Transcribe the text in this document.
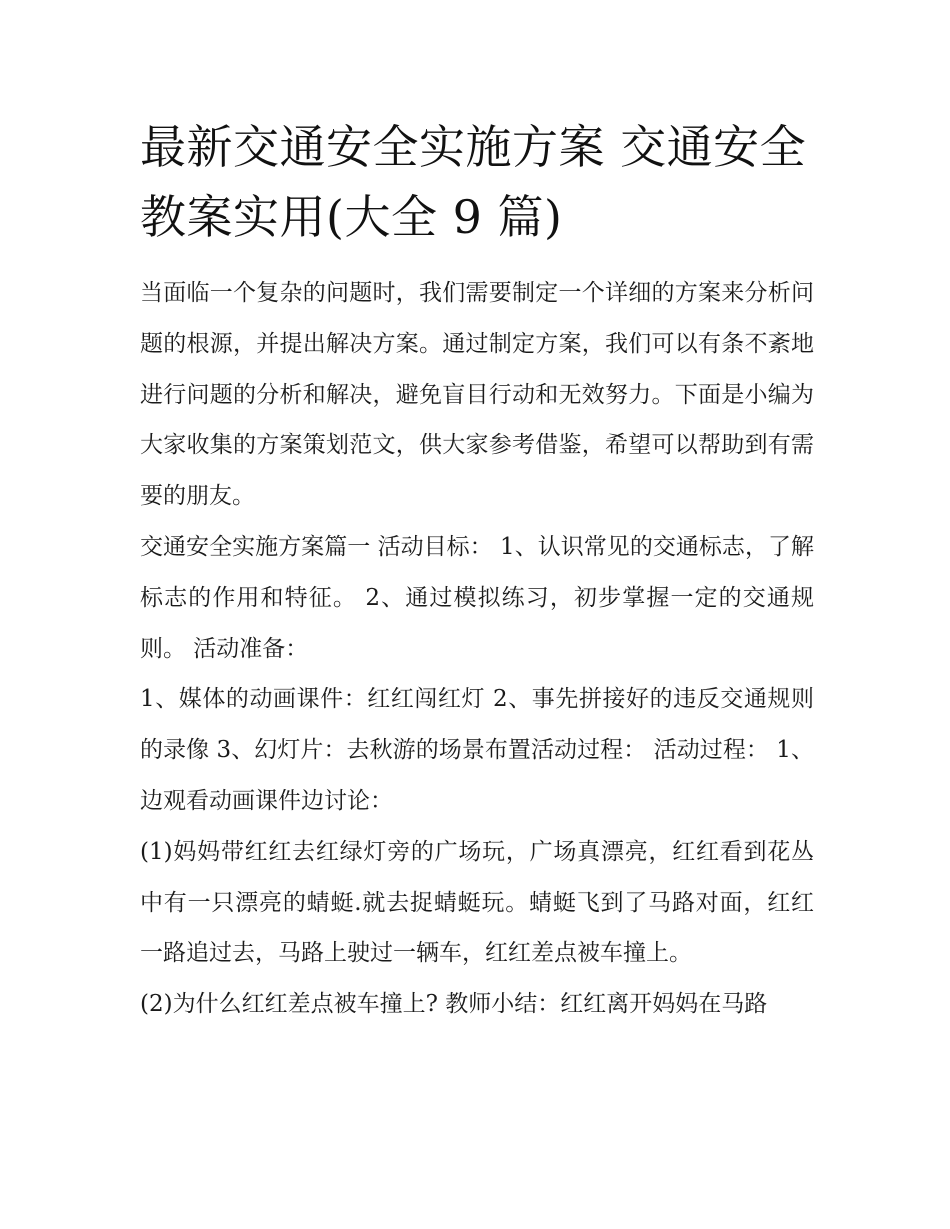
最新交通安全实施方案 交通安全教案实用(大全 9 篇)

当面临一个复杂的问题时，我们需要制定一个详细的方案来分析问题的根源，并提出解决方案。通过制定方案，我们可以有条不紊地进行问题的分析和解决，避免盲目行动和无效努力。下面是小编为大家收集的方案策划范文，供大家参考借鉴，希望可以帮助到有需要的朋友。

交通安全实施方案篇一 活动目标： 1、认识常见的交通标志，了解标志的作用和特征。 2、通过模拟练习，初步掌握一定的交通规则。 活动准备：

1、媒体的动画课件：红红闯红灯 2、事先拼接好的违反交通规则的录像 3、幻灯片：去秋游的场景布置活动过程： 活动过程： 1、边观看动画课件边讨论：

(1)妈妈带红红去红绿灯旁的广场玩，广场真漂亮，红红看到花丛中有一只漂亮的蜻蜓.就去捉蜻蜓玩。蜻蜓飞到了马路对面，红红一路追过去，马路上驶过一辆车，红红差点被车撞上。

(2)为什么红红差点被车撞上? 教师小结：红红离开妈妈在马路
